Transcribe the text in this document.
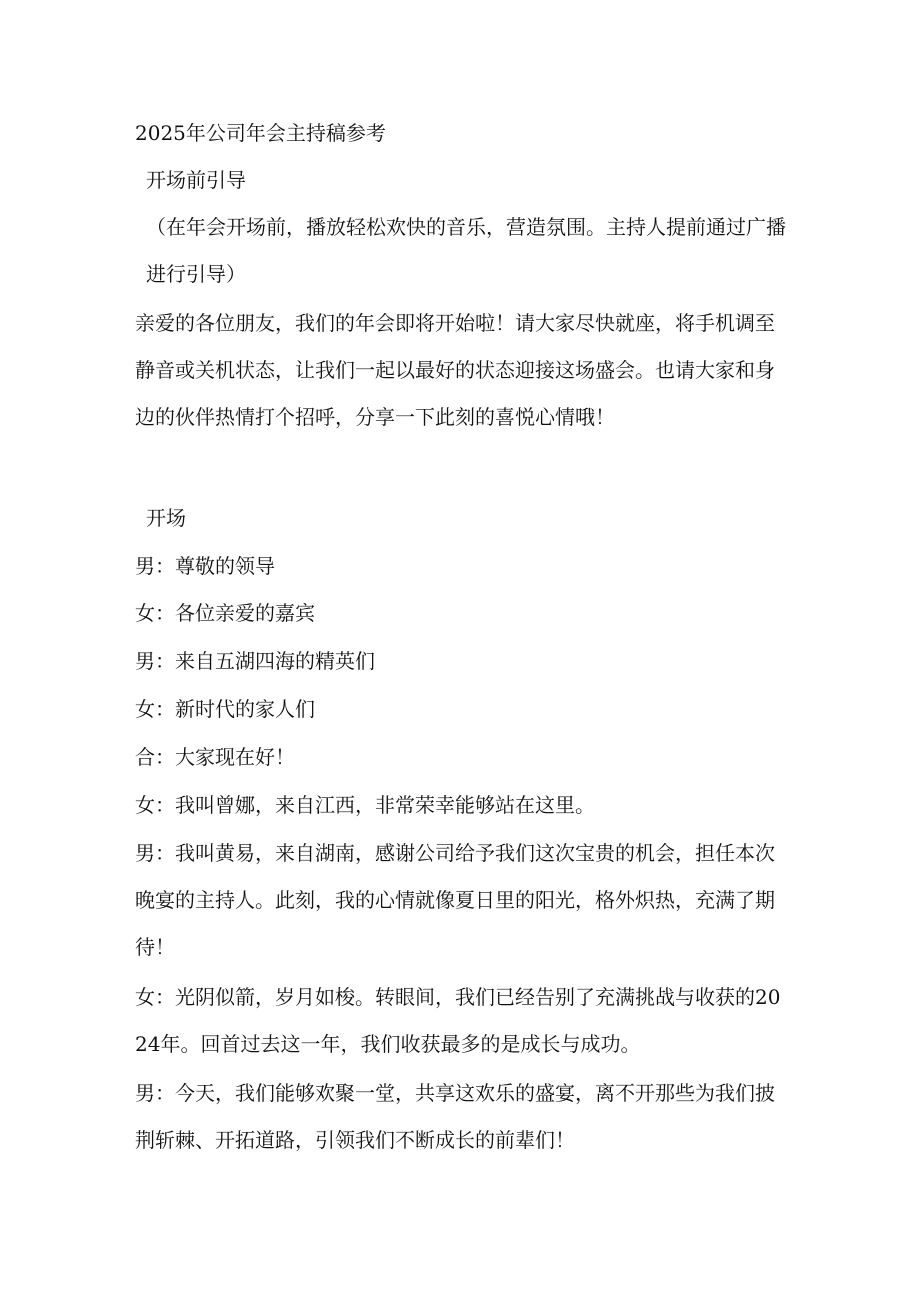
2025年公司年会主持稿参考

开场前引导

（在年会开场前，播放轻松欢快的音乐，营造氛围。主持人提前通过广播进行引导）

亲爱的各位朋友，我们的年会即将开始啦！请大家尽快就座，将手机调至静音或关机状态，让我们一起以最好的状态迎接这场盛会。也请大家和身边的伙伴热情打个招呼，分享一下此刻的喜悦心情哦！

开场

男：尊敬的领导

女：各位亲爱的嘉宾

男：来自五湖四海的精英们

女：新时代的家人们

合：大家现在好！

女：我叫曾娜，来自江西，非常荣幸能够站在这里。

男：我叫黄易，来自湖南，感谢公司给予我们这次宝贵的机会，担任本次晚宴的主持人。此刻，我的心情就像夏日里的阳光，格外炽热，充满了期待！

女：光阴似箭，岁月如梭。转眼间，我们已经告别了充满挑战与收获的2024年。回首过去这一年，我们收获最多的是成长与成功。

男：今天，我们能够欢聚一堂，共享这欢乐的盛宴，离不开那些为我们披荆斩棘、开拓道路，引领我们不断成长的前辈们！
